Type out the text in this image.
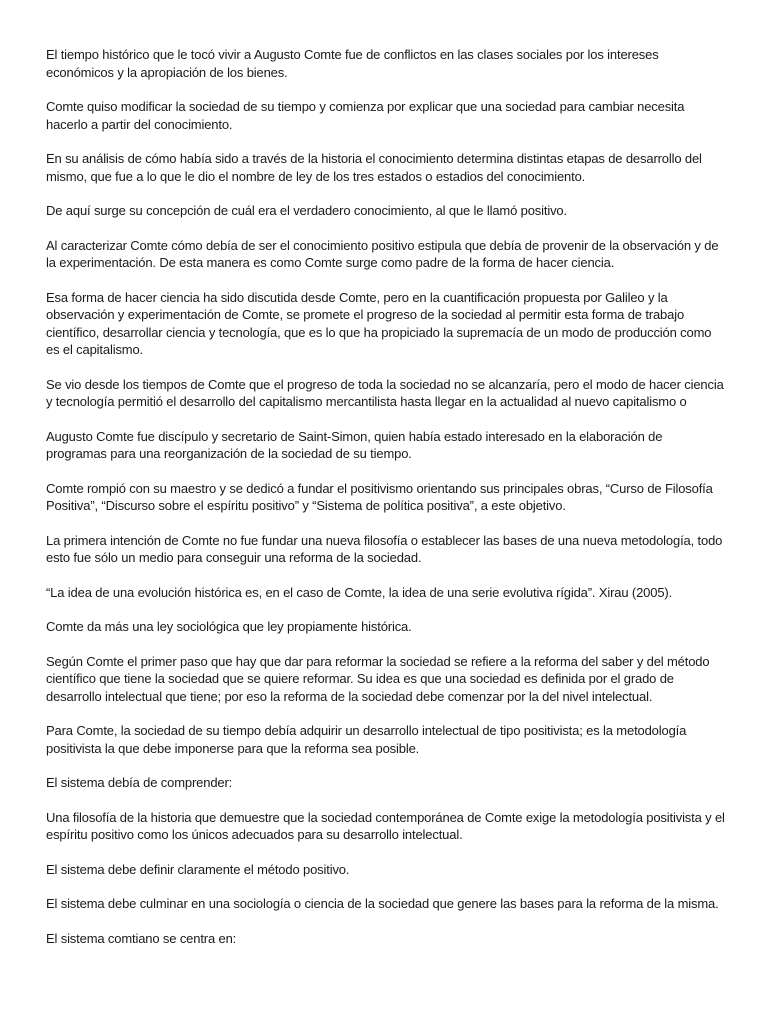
El tiempo histórico que le tocó vivir a Augusto Comte fue de conflictos en las clases sociales por los intereses económicos y la apropiación de los bienes.

Comte quiso modificar la sociedad de su tiempo y comienza por explicar que una sociedad para cambiar necesita hacerlo a partir del conocimiento.

En su análisis de cómo había sido a través de la historia el conocimiento determina distintas etapas de desarrollo del mismo, que fue a lo que le dio el nombre de ley de los tres estados o estadios del conocimiento.

De aquí surge su concepción de cuál era el verdadero conocimiento, al que le llamó positivo.

Al caracterizar Comte cómo debía de ser el conocimiento positivo estipula que debía de provenir de la observación y de la experimentación. De esta manera es como Comte surge como padre de la forma de hacer ciencia.

Esa forma de hacer ciencia ha sido discutida desde Comte, pero en la cuantificación propuesta por Galileo y la observación y experimentación de Comte, se promete el progreso de la sociedad al permitir esta forma de trabajo científico, desarrollar ciencia y tecnología, que es lo que ha propiciado la supremacía de un modo de producción como es el capitalismo.

Se vio desde los tiempos de Comte que el progreso de toda la sociedad no se alcanzaría, pero el modo de hacer ciencia y tecnología permitió el desarrollo del capitalismo mercantilista hasta llegar en la actualidad al nuevo capitalismo o

Augusto Comte fue discípulo y secretario de Saint-Simon, quien había estado interesado en la elaboración de programas para una reorganización de la sociedad de su tiempo.

Comte rompió con su maestro y se dedicó a fundar el positivismo orientando sus principales obras, “Curso de Filosofía Positiva”, “Discurso sobre el espíritu positivo” y “Sistema de política positiva”, a este objetivo.

La primera intención de Comte no fue fundar una nueva filosofía o establecer las bases de una nueva metodología, todo esto fue sólo un medio para conseguir una reforma de la sociedad.

“La idea de una evolución histórica es, en el caso de Comte, la idea de una serie evolutiva rígida”. Xirau (2005).

Comte da más una ley sociológica que ley propiamente histórica.

Según Comte el primer paso que hay que dar para reformar la sociedad se refiere a la reforma del saber y del método científico que tiene la sociedad que se quiere reformar. Su idea es que una sociedad es definida por el grado de desarrollo intelectual que tiene; por eso la reforma de la sociedad debe comenzar por la del nivel intelectual.

Para Comte, la sociedad de su tiempo debía adquirir un desarrollo intelectual de tipo positivista; es la metodología positivista la que debe imponerse para que la reforma sea posible.

El sistema debía de comprender:

Una filosofía de la historia que demuestre que la sociedad contemporánea de Comte exige la metodología positivista y el espíritu positivo como los únicos adecuados para su desarrollo intelectual.

El sistema debe definir claramente el método positivo.

El sistema debe culminar en una sociología o ciencia de la sociedad que genere las bases para la reforma de la misma.

El sistema comtiano se centra en:
